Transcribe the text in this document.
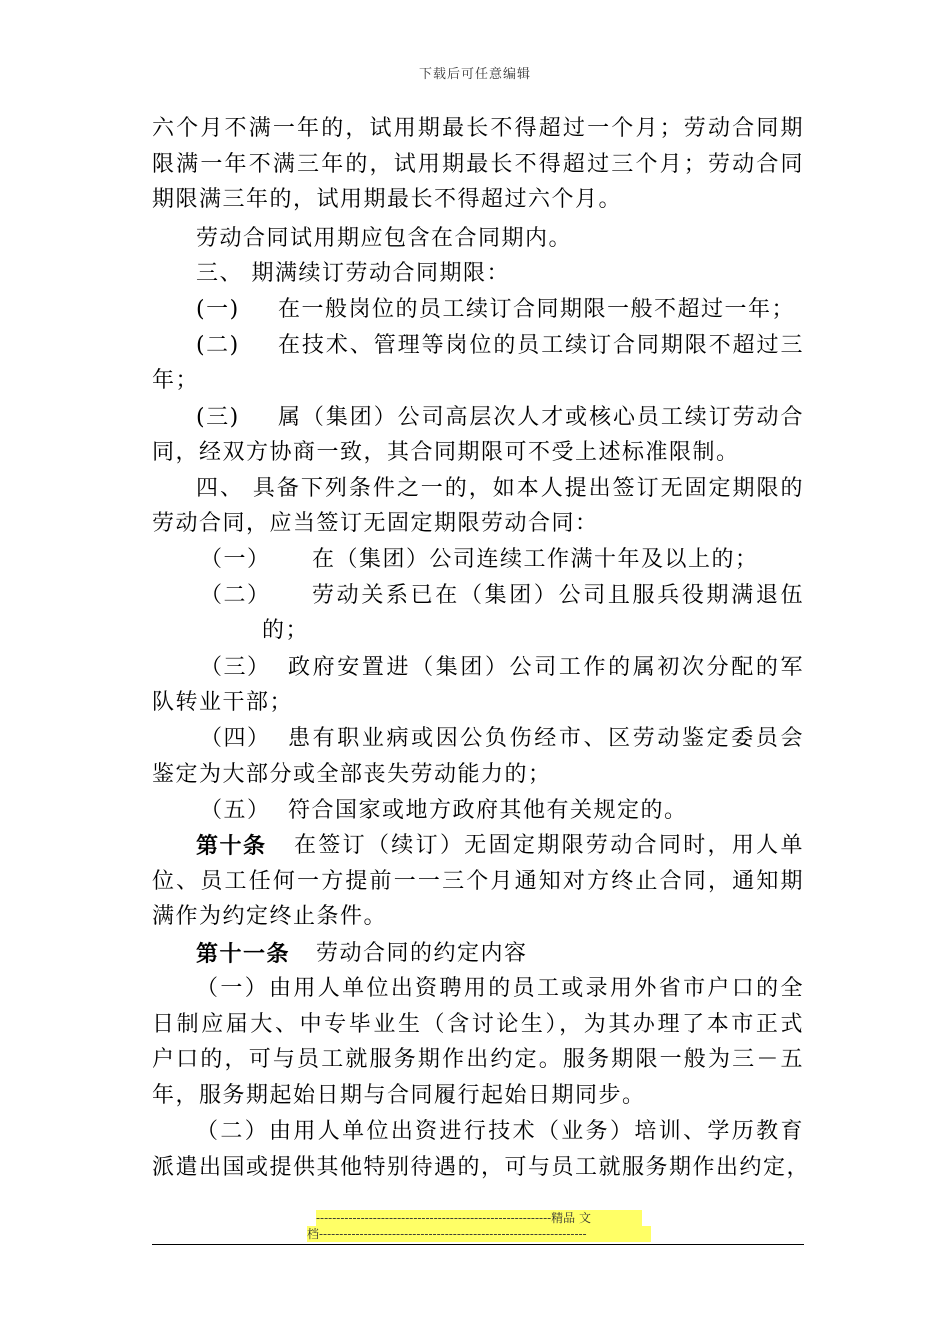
下载后可任意编辑
六个月不满一年的，试用期最长不得超过一个月；劳动合同期
限满一年不满三年的，试用期最长不得超过三个月；劳动合同
期限满三年的，试用期最长不得超过六个月。
劳动合同试用期应包含在合同期内。
三、 期满续订劳动合同期限：
(一) 在一般岗位的员工续订合同期限一般不超过一年；
(二) 在技术、管理等岗位的员工续订合同期限不超过三
年；
(三) 属（集团）公司高层次人才或核心员工续订劳动合
同，经双方协商一致，其合同期限可不受上述标准限制。
四、 具备下列条件之一的，如本人提出签订无固定期限的
劳动合同，应当签订无固定期限劳动合同：
（一） 在（集团）公司连续工作满十年及以上的；
（二） 劳动关系已在（集团）公司且服兵役期满退伍
的；
（三） 政府安置进（集团）公司工作的属初次分配的军
队转业干部；
（四） 患有职业病或因公负伤经市、区劳动鉴定委员会
鉴定为大部分或全部丧失劳动能力的；
（五） 符合国家或地方政府其他有关规定的。
第十条 在签订（续订）无固定期限劳动合同时，用人单
位、员工任何一方提前一一三个月通知对方终止合同，通知期
满作为约定终止条件。
第十一条 劳动合同的约定内容
（一）由用人单位出资聘用的员工或录用外省市户口的全
日制应届大、中专毕业生（含讨论生），为其办理了本市正式
户口的，可与员工就服务期作出约定。服务期限一般为三－五
年，服务期起始日期与合同履行起始日期同步。
（二）由用人单位出资进行技术（业务）培训、学历教育
派遣出国或提供其他特别待遇的，可与员工就服务期作出约定，
----------------------------------------------------------精品 文
档------------------------------------------------------------------
